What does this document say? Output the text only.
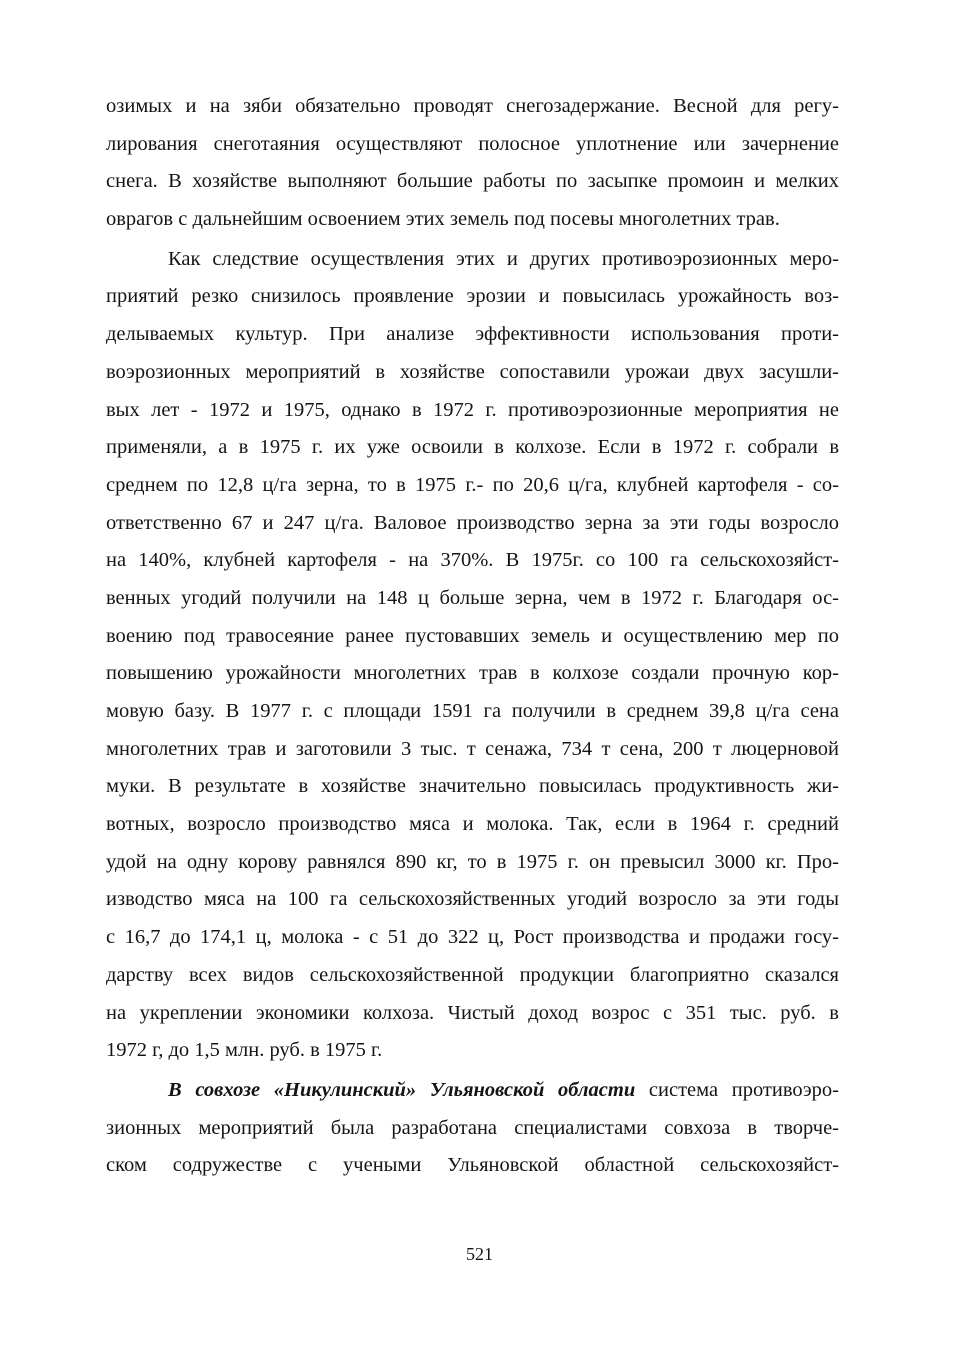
озимых и на зяби обязательно проводят снегозадержание. Весной для регу-
лирования снеготаяния осуществляют полосное уплотнение или зачернение
снега. В хозяйстве выполняют большие работы по засыпке промоин и мелких
оврагов с дальнейшим освоением этих земель под посевы многолетних трав.
Как следствие осуществления этих и других противоэрозионных меро-
приятий резко снизилось проявление эрозии и повысилась урожайность воз-
делываемых культур. При анализе эффективности использования проти-
воэрозионных мероприятий в хозяйстве сопоставили урожаи двух засушли-
вых лет - 1972 и 1975, однако в 1972 г. противоэрозионные мероприятия не
применяли, а в 1975 г. их уже освоили в колхозе. Если в 1972 г. собрали в
среднем по 12,8 ц/га зерна, то в 1975 г.- по 20,6 ц/га, клубней картофеля - со-
ответственно 67 и 247 ц/га. Валовое производство зерна за эти годы возросло
на 140%, клубней картофеля - на 370%. В 1975г. со 100 га сельскохозяйст-
венных угодий получили на 148 ц больше зерна, чем в 1972 г. Благодаря ос-
воению под травосеяние ранее пустовавших земель и осуществлению мер по
повышению урожайности многолетних трав в колхозе создали прочную кор-
мовую базу. В 1977 г. с площади 1591 га получили в среднем 39,8 ц/га сена
многолетних трав и заготовили 3 тыс. т сенажа, 734 т сена, 200 т люцерновой
муки. В результате в хозяйстве значительно повысилась продуктивность жи-
вотных, возросло производство мяса и молока. Так, если в 1964 г. средний
удой на одну корову равнялся 890 кг, то в 1975 г. он превысил 3000 кг. Про-
изводство мяса на 100 га сельскохозяйственных угодий возросло за эти годы
с 16,7 до 174,1 ц, молока - с 51 до 322 ц, Рост производства и продажи госу-
дарству всех видов сельскохозяйственной продукции благоприятно сказался
на укреплении экономики колхоза. Чистый доход возрос с 351 тыс. руб. в
1972 г, до 1,5 млн. руб. в 1975 г.
В совхозе «Никулинский» Ульяновской области система противоэро-
зионных мероприятий была разработана специалистами совхоза в творче-
ском содружестве с учеными Ульяновской областной сельскохозяйст-
521
